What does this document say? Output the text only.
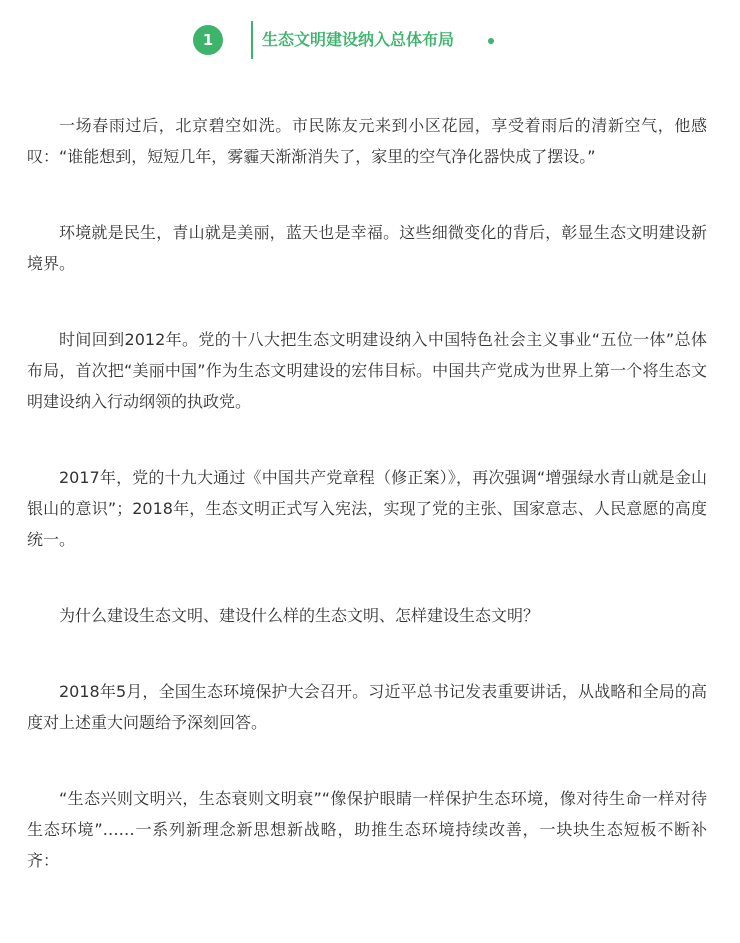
1	生态文明建设纳入总体布局

一场春雨过后，北京碧空如洗。市民陈友元来到小区花园，享受着雨后的清新空气，他感叹：“谁能想到，短短几年，雾霾天渐渐消失了，家里的空气净化器快成了摆设。”

环境就是民生，青山就是美丽，蓝天也是幸福。这些细微变化的背后，彰显生态文明建设新境界。

时间回到2012年。党的十八大把生态文明建设纳入中国特色社会主义事业“五位一体”总体布局，首次把“美丽中国”作为生态文明建设的宏伟目标。中国共产党成为世界上第一个将生态文明建设纳入行动纲领的执政党。

2017年，党的十九大通过《中国共产党章程（修正案）》，再次强调“增强绿水青山就是金山银山的意识”；2018年，生态文明正式写入宪法，实现了党的主张、国家意志、人民意愿的高度统一。

为什么建设生态文明、建设什么样的生态文明、怎样建设生态文明？

2018年5月，全国生态环境保护大会召开。习近平总书记发表重要讲话，从战略和全局的高度对上述重大问题给予深刻回答。

“生态兴则文明兴，生态衰则文明衰”“像保护眼睛一样保护生态环境，像对待生命一样对待生态环境”……一系列新理念新思想新战略，助推生态环境持续改善，一块块生态短板不断补齐：
